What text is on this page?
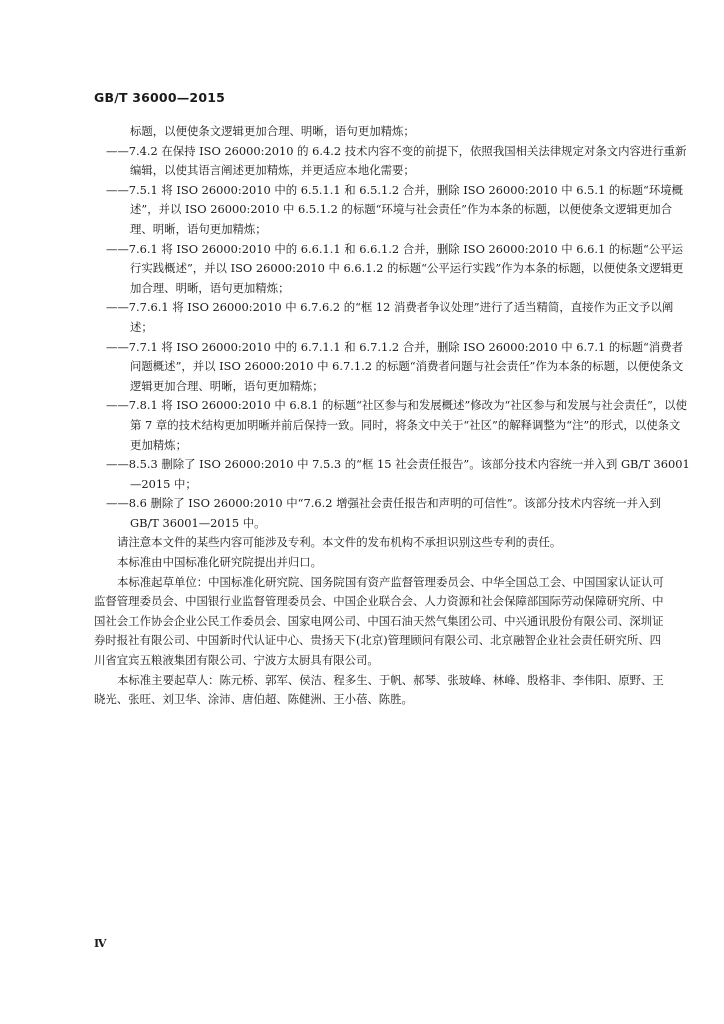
GB/T 36000—2015
标题，以便使条文逻辑更加合理、明晰，语句更加精炼；
——7.4.2 在保持 ISO 26000:2010 的 6.4.2 技术内容不变的前提下，依照我国相关法律规定对条文内容进行重新编辑，以使其语言阐述更加精炼，并更适应本地化需要；
——7.5.1 将 ISO 26000:2010 中的 6.5.1.1 和 6.5.1.2 合并，删除 ISO 26000:2010 中 6.5.1 的标题“环境概述”，并以 ISO 26000:2010 中 6.5.1.2 的标题“环境与社会责任”作为本条的标题，以便使条文逻辑更加合理、明晰，语句更加精炼；
——7.6.1 将 ISO 26000:2010 中的 6.6.1.1 和 6.6.1.2 合并，删除 ISO 26000:2010 中 6.6.1 的标题“公平运行实践概述”，并以 ISO 26000:2010 中 6.6.1.2 的标题“公平运行实践”作为本条的标题，以便使条文逻辑更加合理、明晰，语句更加精炼；
——7.7.6.1 将 ISO 26000:2010 中 6.7.6.2 的“框 12 消费者争议处理”进行了适当精简，直接作为正文予以阐述；
——7.7.1 将 ISO 26000:2010 中的 6.7.1.1 和 6.7.1.2 合并，删除 ISO 26000:2010 中 6.7.1 的标题“消费者问题概述”，并以 ISO 26000:2010 中 6.7.1.2 的标题“消费者问题与社会责任”作为本条的标题，以便使条文逻辑更加合理、明晰，语句更加精炼；
——7.8.1 将 ISO 26000:2010 中 6.8.1 的标题“社区参与和发展概述”修改为“社区参与和发展与社会责任”，以使第 7 章的技术结构更加明晰并前后保持一致。同时，将条文中关于“社区”的解释调整为“注”的形式，以使条文更加精炼；
——8.5.3 删除了 ISO 26000:2010 中 7.5.3 的“框 15 社会责任报告”。该部分技术内容统一并入到 GB/T 36001—2015 中；
——8.6 删除了 ISO 26000:2010 中“7.6.2 增强社会责任报告和声明的可信性”。该部分技术内容统一并入到 GB/T 36001—2015 中。
请注意本文件的某些内容可能涉及专利。本文件的发布机构不承担识别这些专利的责任。
本标准由中国标准化研究院提出并归口。
本标准起草单位：中国标准化研究院、国务院国有资产监督管理委员会、中华全国总工会、中国国家认证认可监督管理委员会、中国银行业监督管理委员会、中国企业联合会、人力资源和社会保障部国际劳动保障研究所、中国社会工作协会企业公民工作委员会、国家电网公司、中国石油天然气集团公司、中兴通讯股份有限公司、深圳证券时报社有限公司、中国新时代认证中心、贵扬天下(北京)管理顾问有限公司、北京融智企业社会责任研究所、四川省宜宾五粮液集团有限公司、宁波方太厨具有限公司。
本标准主要起草人：陈元桥、郭军、侯洁、程多生、于帆、郝琴、张玻峰、林峰、殷格非、李伟阳、原野、王晓光、张旺、刘卫华、涂沛、唐伯超、陈健洲、王小蓓、陈胜。
Ⅳ
